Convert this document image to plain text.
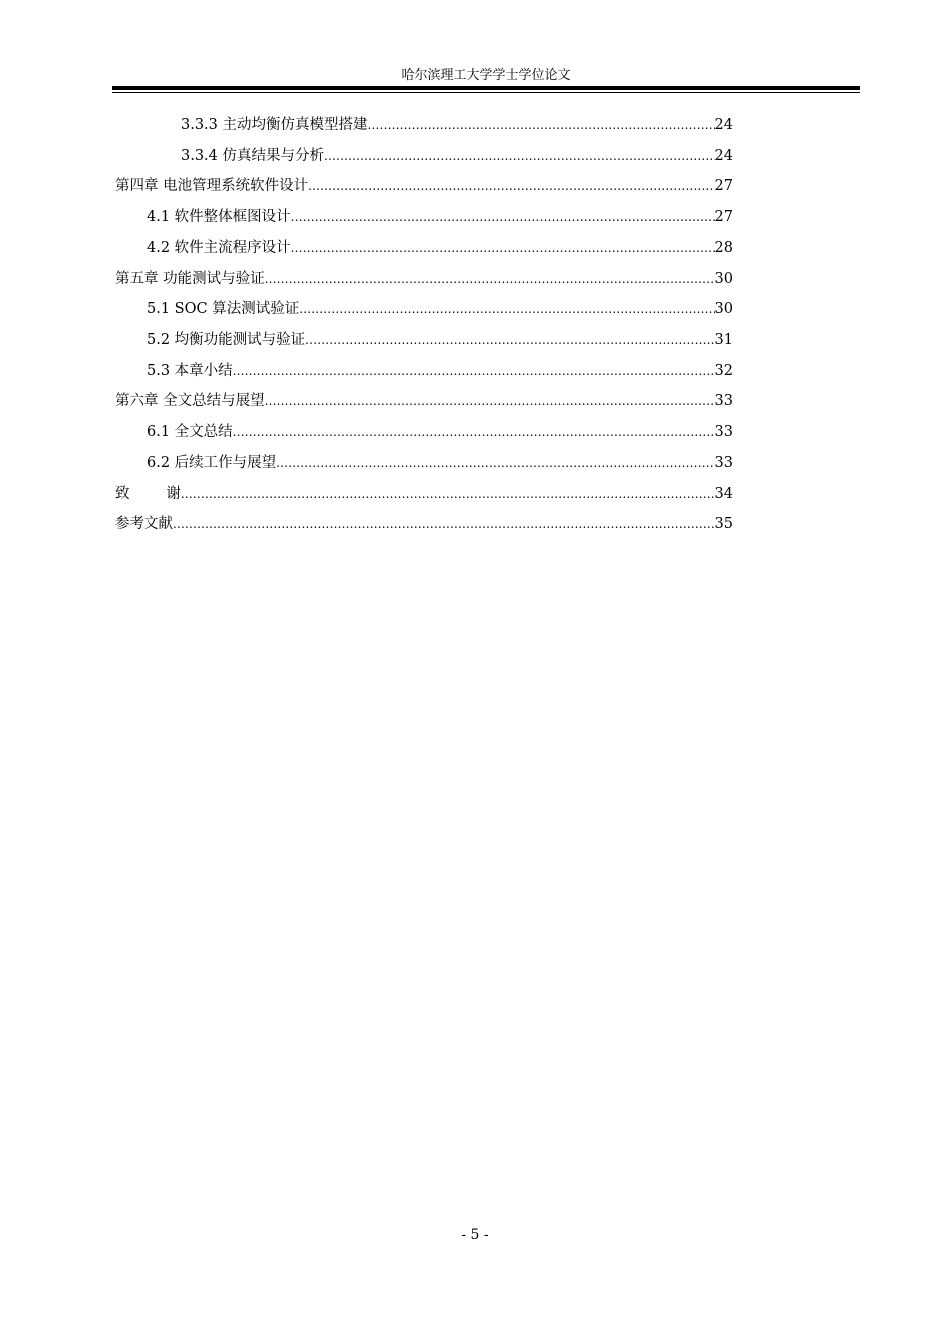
哈尔滨理工大学学士学位论文
3.3.3 主动均衡仿真模型搭建 .....	24
3.3.4 仿真结果与分析 .....	24
第四章 电池管理系统软件设计 .....	27
4.1 软件整体框图设计 .....	27
4.2 软件主流程序设计 .....	28
第五章 功能测试与验证 .....	30
5.1 SOC 算法测试验证 .....	30
5.2 均衡功能测试与验证 .....	31
5.3 本章小结 .....	32
第六章 全文总结与展望 .....	33
6.1 全文总结 .....	33
6.2 后续工作与展望 .....	33
致        谢 .....	34
参考文献 .....	35
- 5 -
